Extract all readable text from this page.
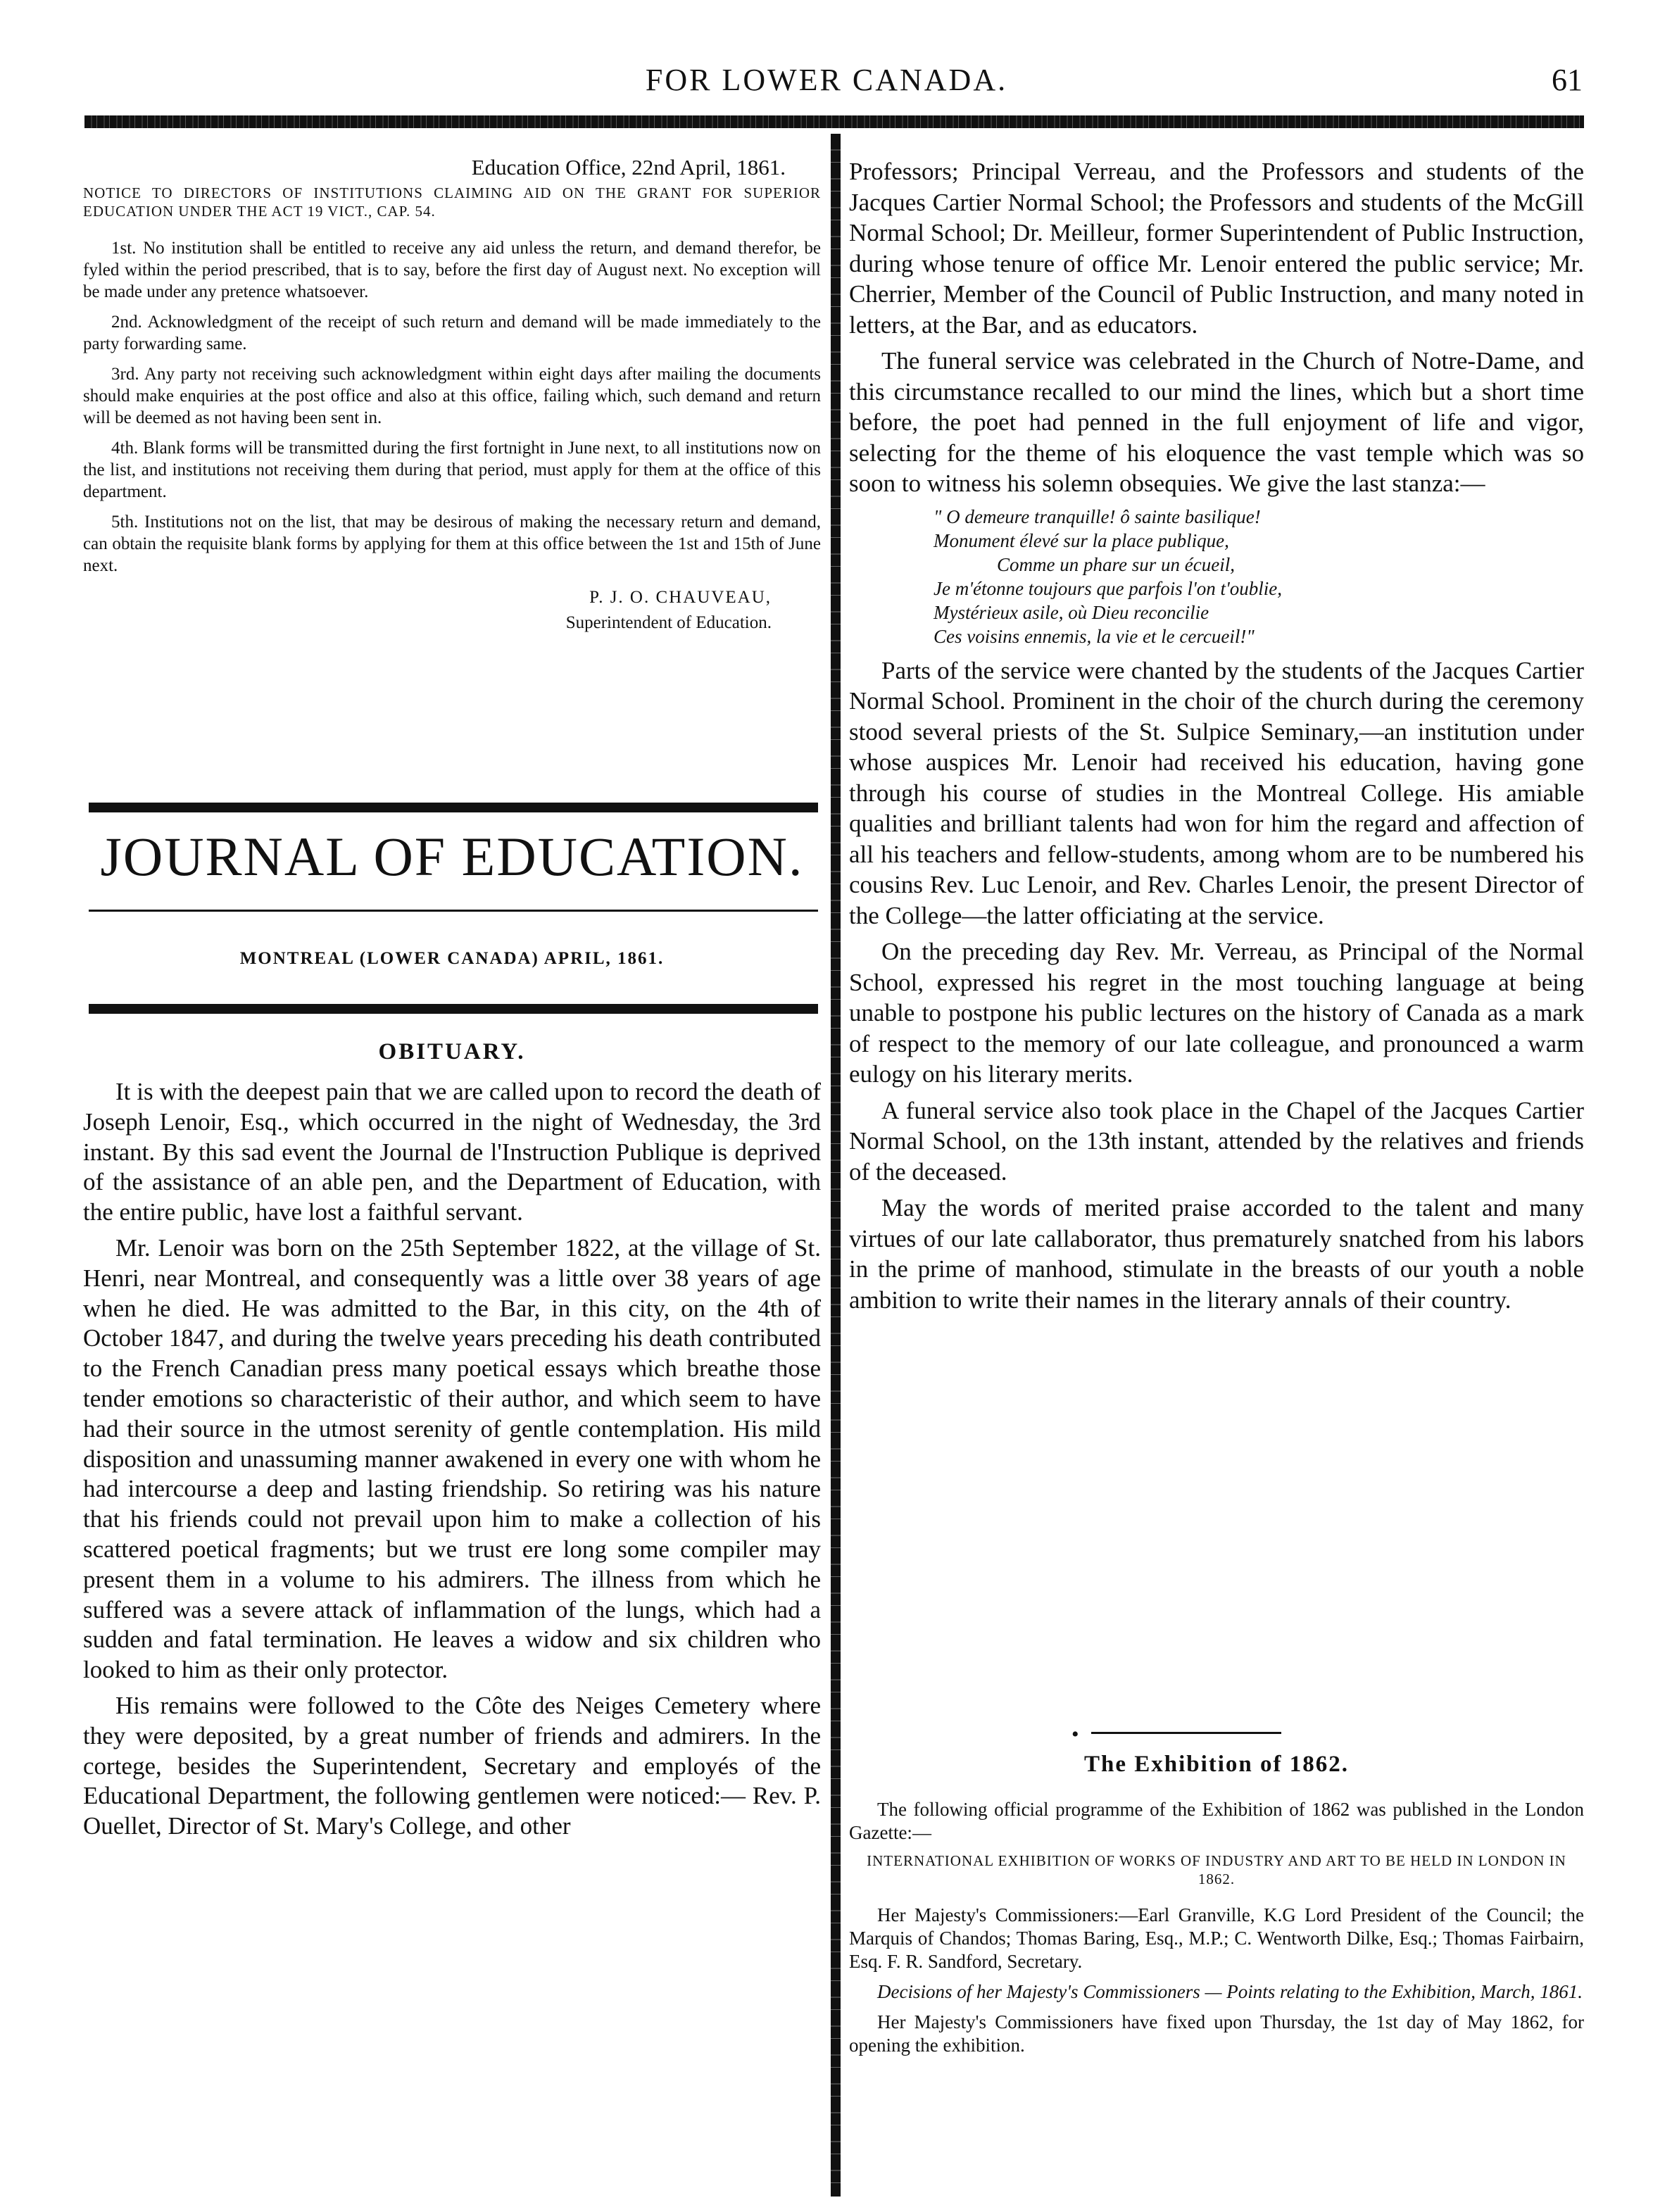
FOR LOWER CANADA.	61
Education Office, 22nd April, 1861.

NOTICE TO DIRECTORS OF INSTITUTIONS CLAIMING AID ON THE GRANT FOR SUPERIOR EDUCATION UNDER THE ACT 19 VICT., CAP. 54.

1st. No institution shall be entitled to receive any aid unless the return, and demand therefor, be fyled within the period prescribed, that is to say, before the first day of August next. No exception will be made under any pretence whatsoever.

2nd. Acknowledgment of the receipt of such return and demand will be made immediately to the party forwarding same.

3rd. Any party not receiving such acknowledgment within eight days after mailing the documents should make enquiries at the post office and also at this office, failing which, such demand and return will be deemed as not having been sent in.

4th. Blank forms will be transmitted during the first fortnight in June next, to all institutions now on the list, and institutions not receiving them during that period, must apply for them at the office of this department.

5th. Institutions not on the list, that may be desirous of making the necessary return and demand, can obtain the requisite blank forms by applying for them at this office between the 1st and 15th of June next.

P. J. O. CHAUVEAU,
Superintendent of Education.
JOURNAL OF EDUCATION.
MONTREAL (LOWER CANADA) APRIL, 1861.
OBITUARY.

It is with the deepest pain that we are called upon to record the death of Joseph Lenoir, Esq., which occurred in the night of Wednesday, the 3rd instant. By this sad event the Journal de l'Instruction Publique is deprived of the assistance of an able pen, and the Department of Education, with the entire public, have lost a faithful servant.

Mr. Lenoir was born on the 25th September 1822, at the village of St. Henri, near Montreal, and consequently was a little over 38 years of age when he died. He was admitted to the Bar, in this city, on the 4th of October 1847, and during the twelve years preceding his death contributed to the French Canadian press many poetical essays which breathe those tender emotions so characteristic of their author, and which seem to have had their source in the utmost serenity of gentle contemplation. His mild disposition and unassuming manner awakened in every one with whom he had intercourse a deep and lasting friendship. So retiring was his nature that his friends could not prevail upon him to make a collection of his scattered poetical fragments; but we trust ere long some compiler may present them in a volume to his admirers. The illness from which he suffered was a severe attack of inflammation of the lungs, which had a sudden and fatal termination. He leaves a widow and six children who looked to him as their only protector.

His remains were followed to the Côte des Neiges Cemetery where they were deposited, by a great number of friends and admirers. In the cortege, besides the Superintendent, Secretary and employés of the Educational Department, the following gentlemen were noticed:— Rev. P. Ouellet, Director of St. Mary's College, and other

Professors; Principal Verreau, and the Professors and students of the Jacques Cartier Normal School; the Professors and students of the McGill Normal School; Dr. Meilleur, former Superintendent of Public Instruction, during whose tenure of office Mr. Lenoir entered the public service; Mr. Cherrier, Member of the Council of Public Instruction, and many noted in letters, at the Bar, and as educators.

The funeral service was celebrated in the Church of Notre-Dame, and this circumstance recalled to our mind the lines, which but a short time before, the poet had penned in the full enjoyment of life and vigor, selecting for the theme of his eloquence the vast temple which was so soon to witness his solemn obsequies. We give the last stanza:—

" O demeure tranquille! ô sainte basilique!
Monument élevé sur la place publique,
Comme un phare sur un écueil,
Je m'étonne toujours que parfois l'on t'oublie,
Mystérieux asile, où Dieu reconcilie
Ces voisins ennemis, la vie et le cercueil!"

Parts of the service were chanted by the students of the Jacques Cartier Normal School. Prominent in the choir of the church during the ceremony stood several priests of the St. Sulpice Seminary,—an institution under whose auspices Mr. Lenoir had received his education, having gone through his course of studies in the Montreal College. His amiable qualities and brilliant talents had won for him the regard and affection of all his teachers and fellow-students, among whom are to be numbered his cousins Rev. Luc Lenoir, and Rev. Charles Lenoir, the present Director of the College—the latter officiating at the service.

On the preceding day Rev. Mr. Verreau, as Principal of the Normal School, expressed his regret in the most touching language at being unable to postpone his public lectures on the history of Canada as a mark of respect to the memory of our late colleague, and pronounced a warm eulogy on his literary merits.

A funeral service also took place in the Chapel of the Jacques Cartier Normal School, on the 13th instant, attended by the relatives and friends of the deceased.

May the words of merited praise accorded to the talent and many virtues of our late callaborator, thus prematurely snatched from his labors in the prime of manhood, stimulate in the breasts of our youth a noble ambition to write their names in the literary annals of their country.

•
The Exhibition of 1862.

The following official programme of the Exhibition of 1862 was published in the London Gazette:—

INTERNATIONAL EXHIBITION OF WORKS OF INDUSTRY AND ART TO BE HELD IN LONDON IN 1862.

Her Majesty's Commissioners:—Earl Granville, K.G Lord President of the Council; the Marquis of Chandos; Thomas Baring, Esq., M.P.; C. Wentworth Dilke, Esq.; Thomas Fairbairn, Esq. F. R. Sandford, Secretary.

Decisions of her Majesty's Commissioners — Points relating to the Exhibition, March, 1861.

Her Majesty's Commissioners have fixed upon Thursday, the 1st day of May 1862, for opening the exhibition.
